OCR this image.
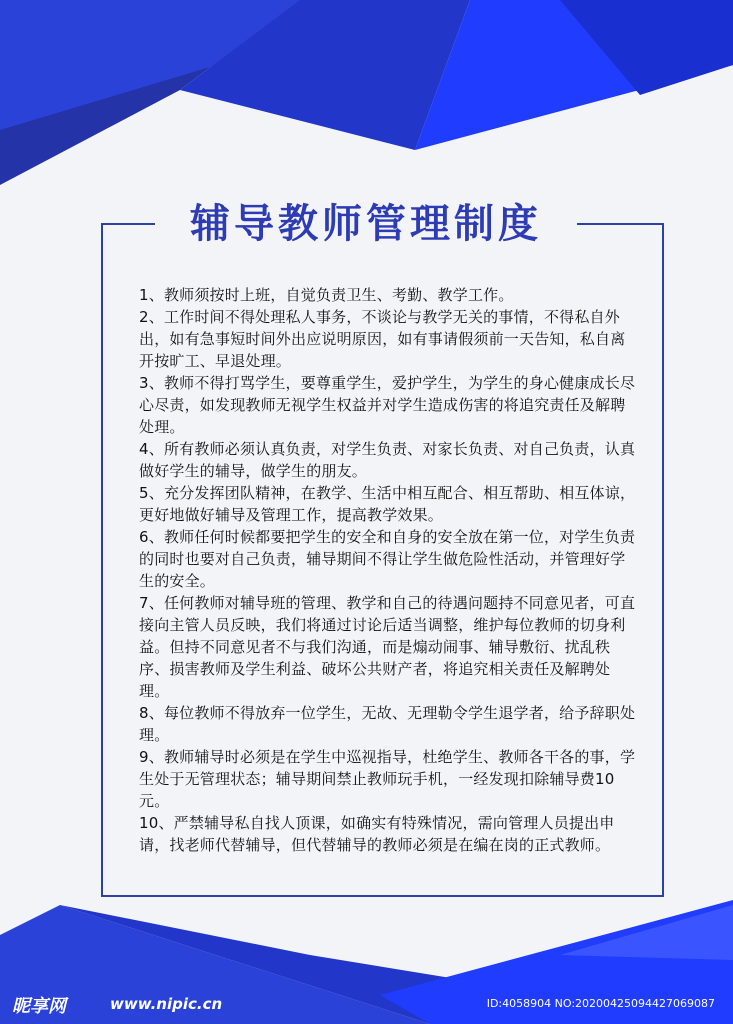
辅导教师管理制度

1、教师须按时上班，自觉负责卫生、考勤、教学工作。

2、工作时间不得处理私人事务，不谈论与教学无关的事情，不得私自外出，如有急事短时间外出应说明原因，如有事请假须前一天告知，私自离开按旷工、早退处理。

3、教师不得打骂学生，要尊重学生，爱护学生，为学生的身心健康成长尽心尽责，如发现教师无视学生权益并对学生造成伤害的将追究责任及解聘处理。

4、所有教师必须认真负责，对学生负责、对家长负责、对自己负责，认真做好学生的辅导，做学生的朋友。

5、充分发挥团队精神，在教学、生活中相互配合、相互帮助、相互体谅，更好地做好辅导及管理工作，提高教学效果。

6、教师任何时候都要把学生的安全和自身的安全放在第一位，对学生负责的同时也要对自己负责，辅导期间不得让学生做危险性活动，并管理好学生的安全。

7、任何教师对辅导班的管理、教学和自己的待遇问题持不同意见者，可直接向主管人员反映，我们将通过讨论后适当调整，维护每位教师的切身利益。但持不同意见者不与我们沟通，而是煽动闹事、辅导敷衍、扰乱秩序、损害教师及学生利益、破坏公共财产者，将追究相关责任及解聘处理。

8、每位教师不得放弃一位学生，无故、无理勒令学生退学者，给予辞职处理。

9、教师辅导时必须是在学生中巡视指导，杜绝学生、教师各干各的事，学生处于无管理状态；辅导期间禁止教师玩手机，一经发现扣除辅导费10元。

10、严禁辅导私自找人顶课，如确实有特殊情况，需向管理人员提出申请，找老师代替辅导，但代替辅导的教师必须是在编在岗的正式教师。

昵享网	www.nipic.cn	ID:4058904 NO:20200425094427069087
